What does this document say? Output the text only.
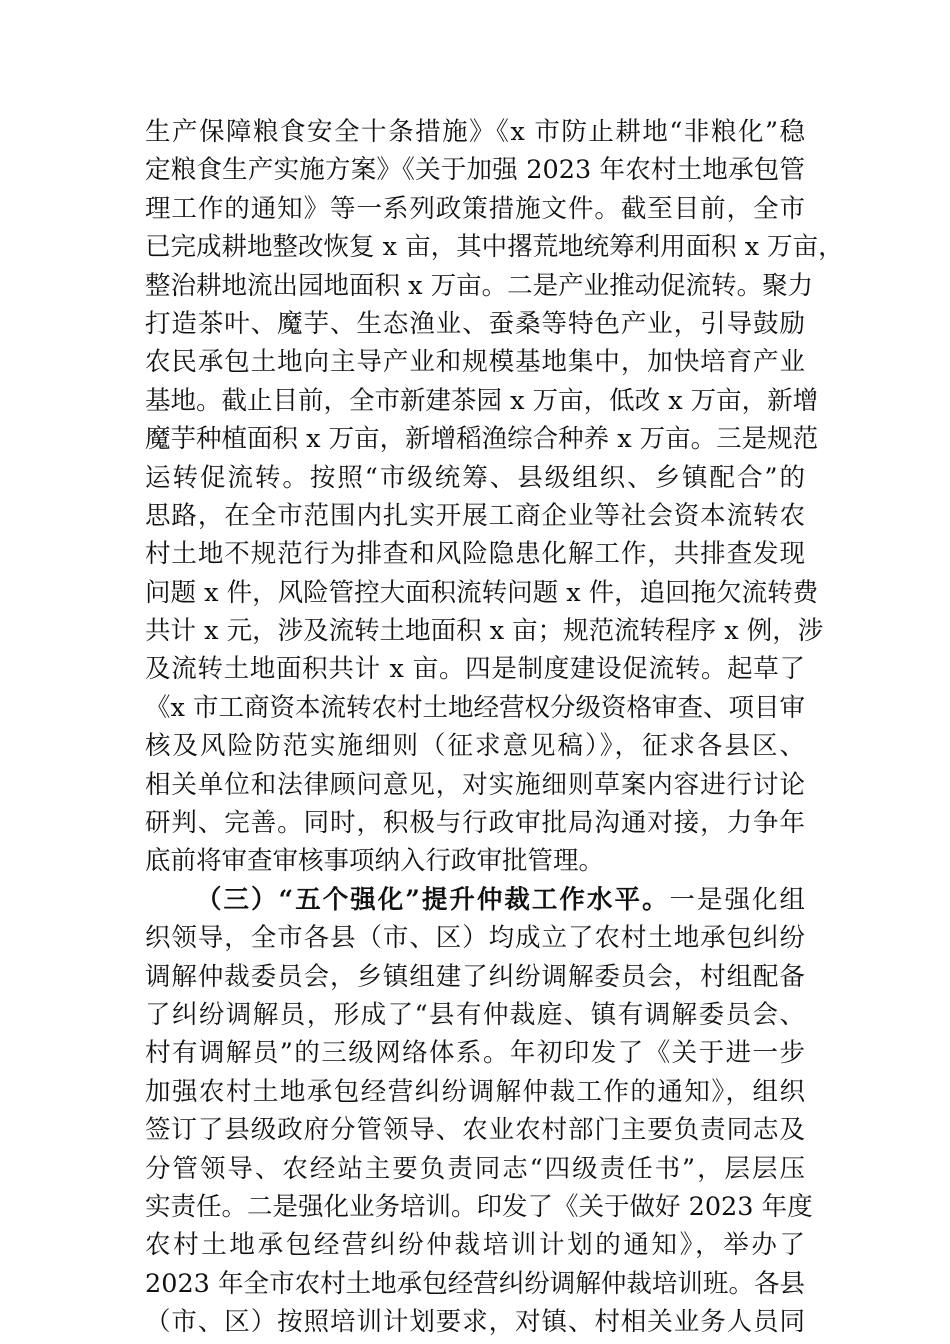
生产保障粮食安全十条措施》《x 市防止耕地“非粮化”稳
定粮食生产实施方案》《关于加强 2023 年农村土地承包管
理工作的通知》等一系列政策措施文件。截至目前，全市
已完成耕地整改恢复 x 亩，其中撂荒地统筹利用面积 x 万亩，
整治耕地流出园地面积 x 万亩。二是产业推动促流转。聚力
打造茶叶、魔芋、生态渔业、蚕桑等特色产业，引导鼓励
农民承包土地向主导产业和规模基地集中，加快培育产业
基地。截止目前，全市新建茶园 x 万亩，低改 x 万亩，新增
魔芋种植面积 x 万亩，新增稻渔综合种养 x 万亩。三是规范
运转促流转。按照“市级统筹、县级组织、乡镇配合”的
思路，在全市范围内扎实开展工商企业等社会资本流转农
村土地不规范行为排查和风险隐患化解工作，共排查发现
问题 x 件，风险管控大面积流转问题 x 件，追回拖欠流转费
共计 x 元，涉及流转土地面积 x 亩；规范流转程序 x 例，涉
及流转土地面积共计 x 亩。四是制度建设促流转。起草了
《x 市工商资本流转农村土地经营权分级资格审查、项目审
核及风险防范实施细则（征求意见稿）》，征求各县区、
相关单位和法律顾问意见，对实施细则草案内容进行讨论
研判、完善。同时，积极与行政审批局沟通对接，力争年
底前将审查审核事项纳入行政审批管理。
（三）“五个强化”提升仲裁工作水平。一是强化组
织领导，全市各县（市、区）均成立了农村土地承包纠纷
调解仲裁委员会，乡镇组建了纠纷调解委员会，村组配备
了纠纷调解员，形成了“县有仲裁庭、镇有调解委员会、
村有调解员”的三级网络体系。年初印发了《关于进一步
加强农村土地承包经营纠纷调解仲裁工作的通知》，组织
签订了县级政府分管领导、农业农村部门主要负责同志及
分管领导、农经站主要负责同志“四级责任书”，层层压
实责任。二是强化业务培训。印发了《关于做好 2023 年度
农村土地承包经营纠纷仲裁培训计划的通知》，举办了
2023 年全市农村土地承包经营纠纷调解仲裁培训班。各县
（市、区）按照培训计划要求，对镇、村相关业务人员同
